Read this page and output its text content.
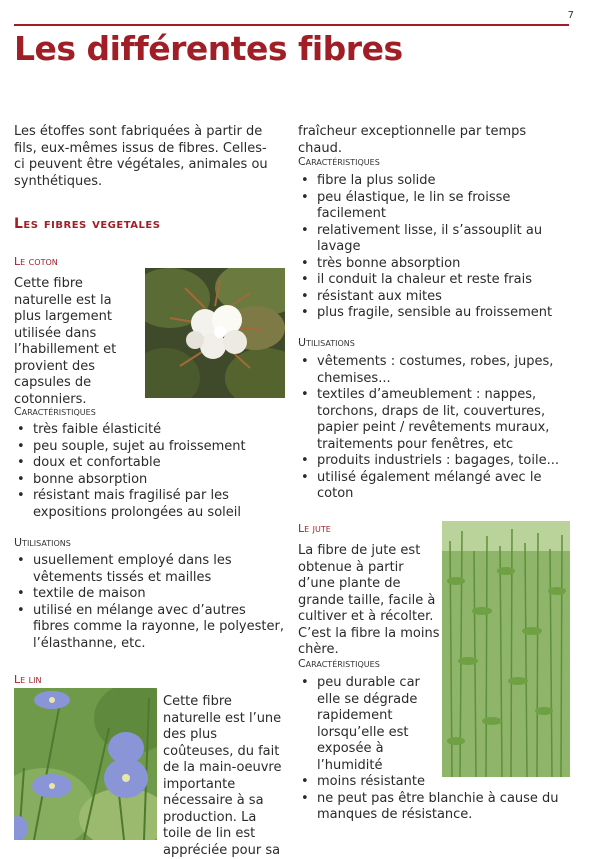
7
Les différentes fibres

Les étoffes sont fabriquées à partir de fils, eux-mêmes issus de fibres. Celles-ci peuvent être végétales, animales ou synthétiques.

Les fibres vegetales
Le coton

Cette fibre naturelle est la plus largement utilisée dans l’habillement et provient des capsules de cotonniers.

Caractéristiques
• très faible élasticité
• peu souple, sujet au froissement
• doux et confortable
• bonne absorption
• résistant mais fragilisé par les expositions prolongées au soleil
Utilisations
• usuellement employé dans les vêtements tissés et mailles
• textile de maison
• utilisé en mélange avec d’autres fibres comme la rayonne, le polyester, l’élasthanne, etc.
Le lin

Cette fibre naturelle est l’une des plus coûteuses, du fait de la main-oeuvre importante nécessaire à sa production. La toile de lin est appréciée pour sa

fraîcheur exceptionnelle par temps chaud.

Caractéristiques
• fibre la plus solide
• peu élastique, le lin se froisse facilement
• relativement lisse, il s’assouplit au lavage
• très bonne absorption
• il conduit la chaleur et reste frais
• résistant aux mites
• plus fragile, sensible au froissement
Utilisations
• vêtements : costumes, robes, jupes, chemises...
• textiles d’ameublement : nappes, torchons, draps de lit, couvertures, papier peint / revêtements muraux, traitements pour fenêtres, etc
• produits industriels : bagages, toile...
• utilisé également mélangé avec le coton
Le jute

La fibre de jute est obtenue à partir d’une plante de grande taille, facile à cultiver et à récolter. C’est la fibre la moins chère.

Caractéristiques
• peu durable car elle se dégrade rapidement lorsqu’elle est exposée à l’humidité
• moins résistante
• ne peut pas être blanchie à cause du manques de résistance.
